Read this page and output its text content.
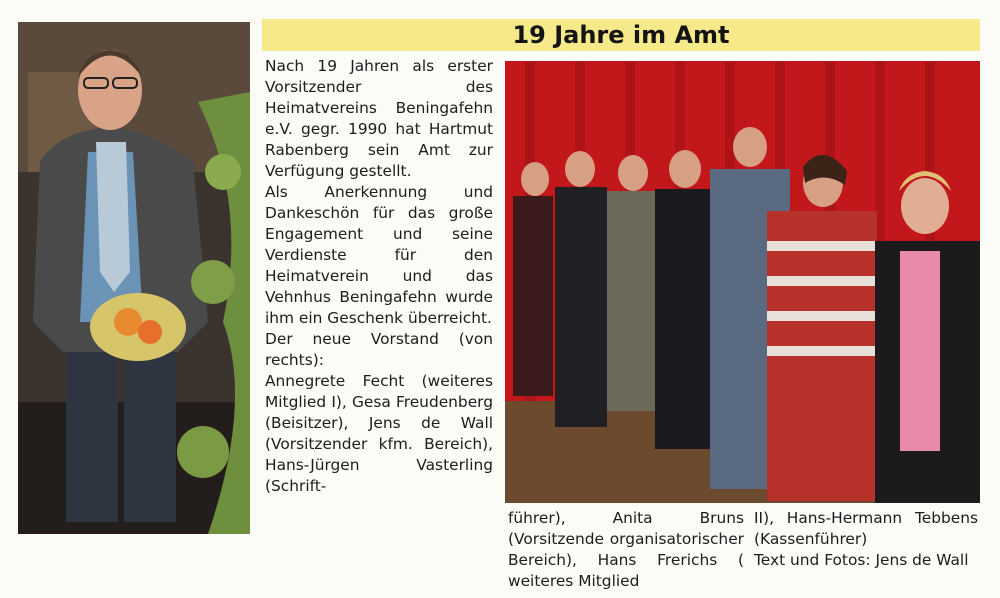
19 Jahre im Amt

Nach 19 Jahren als erster Vorsitzender des Heimatvereins Beningafehn e.V. gegr. 1990 hat Hartmut Rabenberg sein Amt zur Verfügung gestellt.

Als Anerkennung und Dankeschön für das große Engagement und seine Verdienste für den Heimatverein und das Vehnhus Beningafehn wurde ihm ein Geschenk überreicht.

Der neue Vorstand (von rechts):

Annegrete Fecht (weiteres Mitglied I), Gesa Freudenberg (Beisitzer), Jens de Wall (Vorsitzender kfm. Bereich), Hans-Jürgen Vasterling (Schrift-

führer), Anita Bruns (Vorsitzende organisatorischer Bereich), Hans Frerichs ( weiteres Mitglied

II), Hans-Hermann Tebbens (Kassenführer)

Text und Fotos: Jens de Wall
